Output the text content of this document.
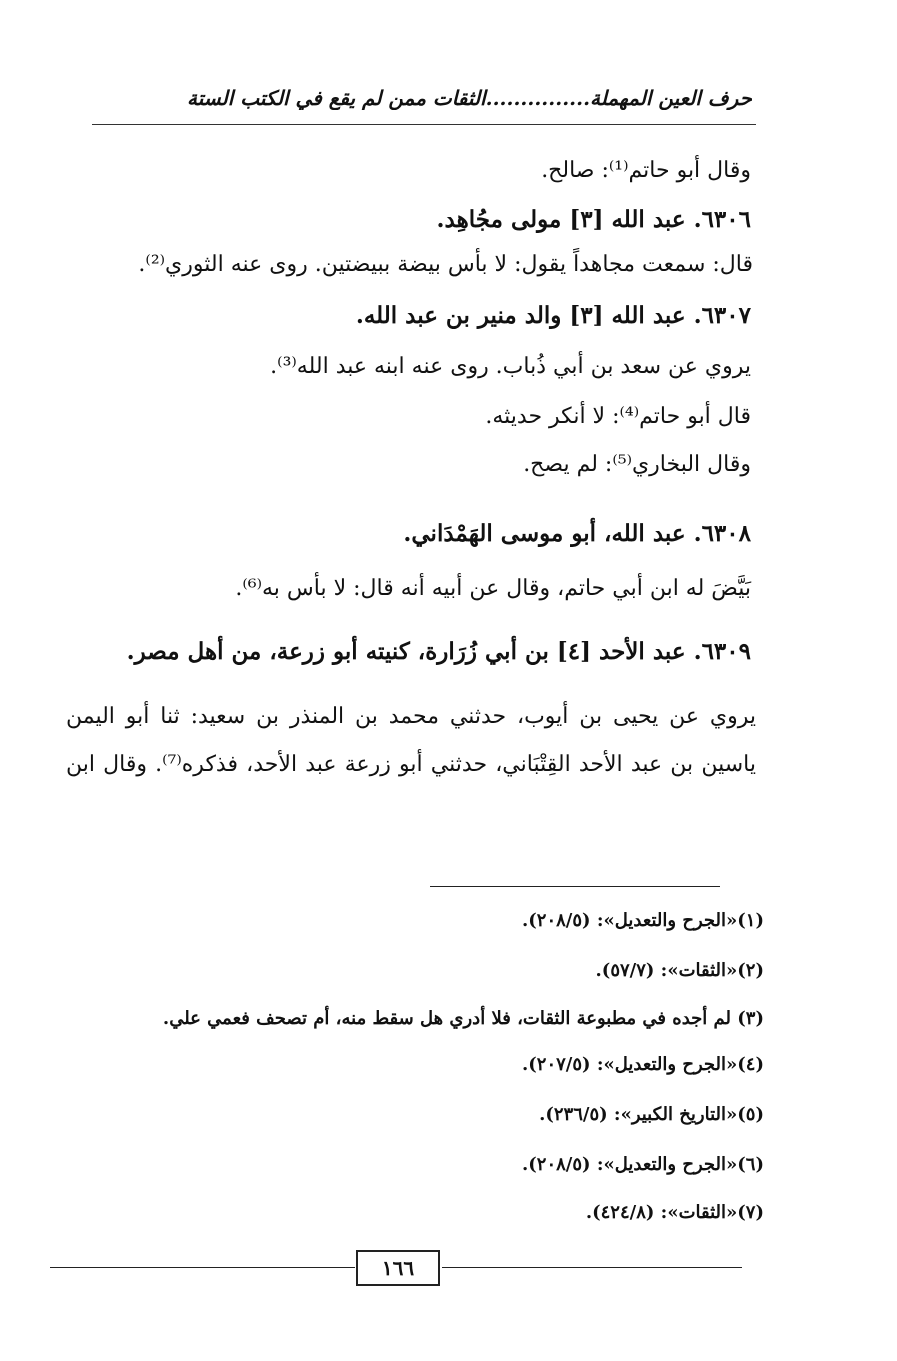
حرف العين المهملة...............الثقات ممن لم يقع في الكتب الستة
وقال أبو حاتم⁽¹⁾: صالح.
٦٣٠٦. عبد الله [٣] مولى مجُاهِد.
قال: سمعت مجاهداً يقول: لا بأس بيضة ببيضتين. روى عنه الثوري⁽²⁾.
٦٣٠٧. عبد الله [٣] والد منير بن عبد الله.
يروي عن سعد بن أبي ذُباب. روى عنه ابنه عبد الله⁽³⁾.
قال أبو حاتم⁽⁴⁾: لا أنكر حديثه.
وقال البخاري⁽⁵⁾: لم يصح.
٦٣٠٨. عبد الله، أبو موسى الهَمْدَاني.
بَيَّضَ له ابن أبي حاتم، وقال عن أبيه أنه قال: لا بأس به⁽⁶⁾.
٦٣٠٩. عبد الأحد [٤] بن أبي زُرَارة، كنيته أبو زرعة، من أهل مصر.
يروي عن يحيى بن أيوب، حدثني محمد بن المنذر بن سعيد: ثنا أبو اليمن
ياسين بن عبد الأحد القِتْبَاني، حدثني أبو زرعة عبد الأحد، فذكره⁽⁷⁾. وقال ابن
(١)«الجرح والتعديل»: (٢٠٨/٥).
(٢)«الثقات»: (٥٧/٧).
(٣) لم أجده في مطبوعة الثقات، فلا أدري هل سقط منه، أم تصحف فعمي علي.
(٤)«الجرح والتعديل»: (٢٠٧/٥).
(٥)«التاريخ الكبير»: (٢٣٦/٥).
(٦)«الجرح والتعديل»: (٢٠٨/٥).
(٧)«الثقات»: (٤٢٤/٨).
١٦٦
